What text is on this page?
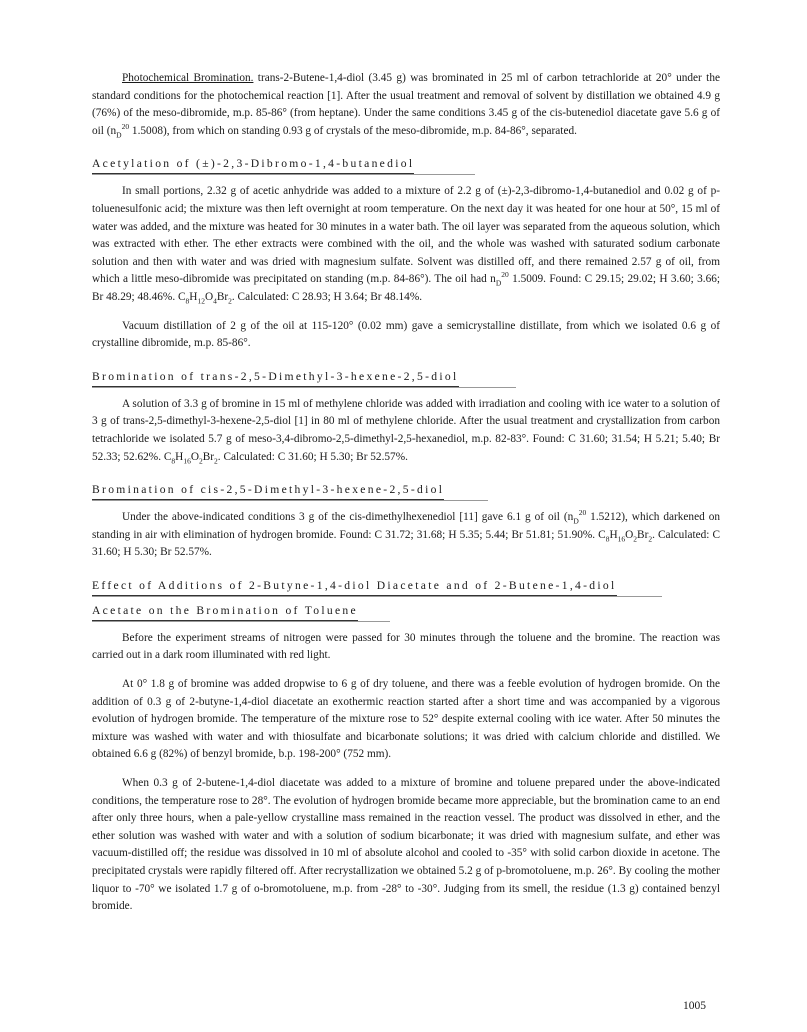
Photochemical Bromination. trans-2-Butene-1,4-diol (3.45 g) was brominated in 25 ml of carbon tetrachloride at 20° under the standard conditions for the photochemical reaction [1]. After the usual treatment and removal of solvent by distillation we obtained 4.9 g (76%) of the meso-dibromide, m.p. 85-86° (from heptane). Under the same conditions 3.45 g of the cis-butenediol diacetate gave 5.6 g of oil ($n_D^{20}$ 1.5008), from which on standing 0.93 g of crystals of the meso-dibromide, m.p. 84-86°, separated.

Acetylation of (±)-2,3-Dibromo-1,4-butanediol

In small portions, 2.32 g of acetic anhydride was added to a mixture of 2.2 g of (±)-2,3-dibromo-1,4-butanediol and 0.02 g of p-toluenesulfonic acid; the mixture was then left overnight at room temperature. On the next day it was heated for one hour at 50°, 15 ml of water was added, and the mixture was heated for 30 minutes in a water bath. The oil layer was separated from the aqueous solution, which was extracted with ether. The ether extracts were combined with the oil, and the whole was washed with saturated sodium carbonate solution and then with water and was dried with magnesium sulfate. Solvent was distilled off, and there remained 2.57 g of oil, from which a little meso-dibromide was precipitated on standing (m.p. 84-86°). The oil had $n_D^{20}$ 1.5009. Found: C 29.15; 29.02; H 3.60; 3.66; Br 48.29; 48.46%. $C_8H_{12}O_4Br_2$. Calculated: C 28.93; H 3.64; Br 48.14%.

Vacuum distillation of 2 g of the oil at 115-120° (0.02 mm) gave a semicrystalline distillate, from which we isolated 0.6 g of crystalline dibromide, m.p. 85-86°.

Bromination of trans-2,5-Dimethyl-3-hexene-2,5-diol

A solution of 3.3 g of bromine in 15 ml of methylene chloride was added with irradiation and cooling with ice water to a solution of 3 g of trans-2,5-dimethyl-3-hexene-2,5-diol [1] in 80 ml of methylene chloride. After the usual treatment and crystallization from carbon tetrachloride we isolated 5.7 g of meso-3,4-dibromo-2,5-dimethyl-2,5-hexanediol, m.p. 82-83°. Found: C 31.60; 31.54; H 5.21; 5.40; Br 52.33; 52.62%. $C_8H_{16}O_2Br_2$. Calculated: C 31.60; H 5.30; Br 52.57%.

Bromination of cis-2,5-Dimethyl-3-hexene-2,5-diol

Under the above-indicated conditions 3 g of the cis-dimethylhexenediol [11] gave 6.1 g of oil ($n_D^{20}$ 1.5212), which darkened on standing in air with elimination of hydrogen bromide. Found: C 31.72; 31.68; H 5.35; 5.44; Br 51.81; 51.90%. $C_8H_{16}O_2Br_2$. Calculated: C 31.60; H 5.30; Br 52.57%.

Effect of Additions of 2-Butyne-1,4-diol Diacetate and of 2-Butene-1,4-diol
Acetate on the Bromination of Toluene

Before the experiment streams of nitrogen were passed for 30 minutes through the toluene and the bromine. The reaction was carried out in a dark room illuminated with red light.

At 0° 1.8 g of bromine was added dropwise to 6 g of dry toluene, and there was a feeble evolution of hydrogen bromide. On the addition of 0.3 g of 2-butyne-1,4-diol diacetate an exothermic reaction started after a short time and was accompanied by a vigorous evolution of hydrogen bromide. The temperature of the mixture rose to 52° despite external cooling with ice water. After 50 minutes the mixture was washed with water and with thiosulfate and bicarbonate solutions; it was dried with calcium chloride and distilled. We obtained 6.6 g (82%) of benzyl bromide, b.p. 198-200° (752 mm).

When 0.3 g of 2-butene-1,4-diol diacetate was added to a mixture of bromine and toluene prepared under the above-indicated conditions, the temperature rose to 28°. The evolution of hydrogen bromide became more appreciable, but the bromination came to an end after only three hours, when a pale-yellow crystalline mass remained in the reaction vessel. The product was dissolved in ether, and the ether solution was washed with water and with a solution of sodium bicarbonate; it was dried with magnesium sulfate, and ether was vacuum-distilled off; the residue was dissolved in 10 ml of absolute alcohol and cooled to -35° with solid carbon dioxide in acetone. The precipitated crystals were rapidly filtered off. After recrystallization we obtained 5.2 g of p-bromotoluene, m.p. 26°. By cooling the mother liquor to -70° we isolated 1.7 g of o-bromotoluene, m.p. from -28° to -30°. Judging from its smell, the residue (1.3 g) contained benzyl bromide.

1005
